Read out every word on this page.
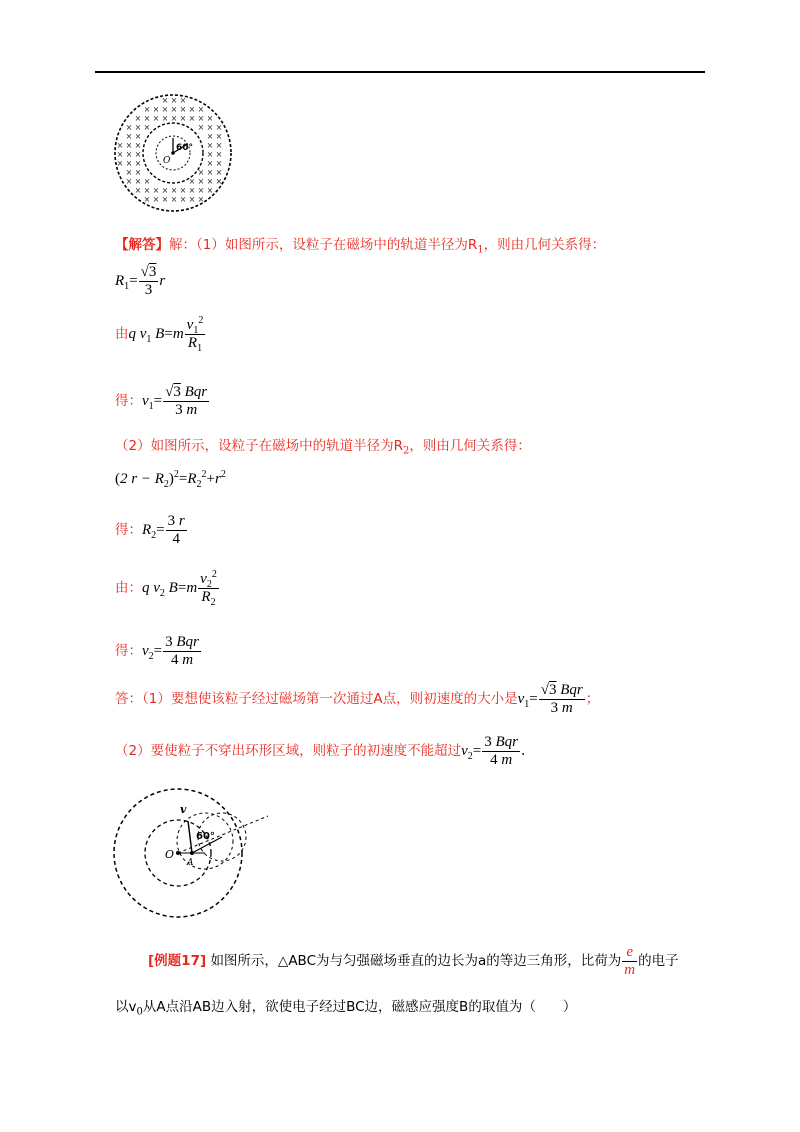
× × ×
× × × × × × ×
× × × × × × × × ×
× × ×	× × ×
× ×	× ×
× × ×	× ×
× × ×	× ×
× × ×	× ×
× ×	× × ×
× × ×	× × × ×
× × × × × × × × ×
× × × × × × ×
60°
O
【解答】解：（1）如图所示，设粒子在磁场中的轨道半径为$R_1$，则由几何关系得：
$R_1= \frac{√3}{3}$ r
由q $v_1$ $B=m \frac{v_1^2}{R_1}$
得：$v_1= \frac{\text{√3 Bqr}}{3 m}$
（2）如图所示，设粒子在磁场中的轨道半径为$R_2$，则由几何关系得：
(2 $r - R_2)^2=R_2^2+r^2$
得：$R_2= \frac{3 r}{4}$
由：q $v_2$ $B=m \frac{v_2^2}{R_2}$
得：$v_2= \frac{\text{3 Bqr}}{4 m}$
答：（1）要想使该粒子经过磁场第一次通过A点，则初速度的大小是$v_1= \frac{\text{√3 Bqr}}{3 m}$ ；
（2）要使粒子不穿出环形区域，则粒子的初速度不能超过$v_2= \frac{\text{3 Bqr}}{4 m}$ .
v
60°
O
A
[例题17] 如图所示，△ABC为与匀强磁场垂直的边长为a的等边三角形，比荷为 $\frac{e}{m}$ 的电子
以$v_0$从A点沿AB边入射，欲使电子经过BC边，磁感应强度B的取值为（　　）
